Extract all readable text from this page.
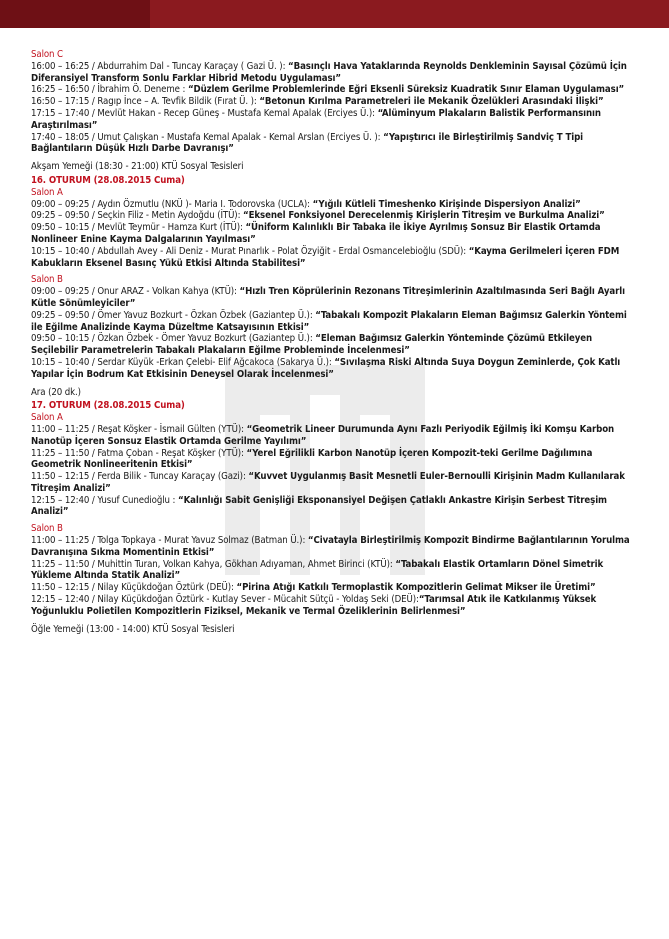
Salon C

16:00 – 16:25 / Abdurrahim Dal - Tuncay Karaçay ( Gazi Ü. ): “Basınçlı Hava Yataklarında Reynolds Denkleminin Sayısal Çözümü İçin Diferansiyel Transform Sonlu Farklar Hibrid Metodu Uygulaması”

16:25 – 16:50 / İbrahim Ö. Deneme : “Düzlem Gerilme Problemlerinde Eğri Eksenli Süreksiz Kuadratik Sınır Elaman Uygulaması”

16:50 – 17:15 / Ragıp İnce – A. Tevfik Bildik (Fırat Ü. ): “Betonun Kırılma Parametreleri ile Mekanik Özelükleri Arasındaki İlişki”

17:15 – 17:40 / Mevlüt Hakan - Recep Güneş - Mustafa Kemal Apalak (Erciyes Ü.): “Alüminyum Plakaların Balistik Performansının Araştırılması”

17:40 – 18:05 / Umut Çalışkan - Mustafa Kemal Apalak - Kemal Arslan (Erciyes Ü. ): “Yapıştırıcı ile Birleştirilmiş Sandviç T Tipi Bağlantıların Düşük Hızlı Darbe Davranışı”

Akşam Yemeği (18:30 - 21:00) KTÜ Sosyal Tesisleri
16. OTURUM (28.08.2015 Cuma)
Salon A

09:00 – 09:25 / Aydın Özmutlu (NKÜ )- Maria I. Todorovska (UCLA): “Yığılı Kütleli Timeshenko Kirişinde Dispersiyon Analizi”

09:25 – 09:50 / Seçkin Filiz - Metin Aydoğdu (İTÜ): “Eksenel Fonksiyonel Derecelenmiş Kirişlerin Titreşim ve Burkulma Analizi”

09:50 – 10:15 / Mevlüt Teymür - Hamza Kurt (İTÜ): “Üniform Kalınlıklı Bir Tabaka ile İkiye Ayrılmış Sonsuz Bir Elastik Ortamda Nonlineer Enine Kayma Dalgalarının Yayılması”

10:15 – 10:40 / Abdullah Avey - Ali Deniz - Murat Pınarlık - Polat Özyiğit - Erdal Osmancelebioğlu (SDÜ): “Kayma Gerilmeleri İçeren FDM Kabukların Eksenel Basınç Yükü Etkisi Altında Stabilitesi”

Salon B

09:00 – 09:25 / Onur ARAZ - Volkan Kahya (KTÜ): “Hızlı Tren Köprülerinin Rezonans Titreşimlerinin Azaltılmasında Seri Bağlı Ayarlı Kütle Sönümleyiciler”

09:25 – 09:50 / Ömer Yavuz Bozkurt - Özkan Özbek (Gaziantep Ü.): “Tabakalı Kompozit Plakaların Eleman Bağımsız Galerkin Yöntemi ile Eğilme Analizinde Kayma Düzeltme Katsayısının Etkisi”

09:50 – 10:15 / Özkan Özbek - Ömer Yavuz Bozkurt (Gaziantep Ü.): “Eleman Bağımsız Galerkin Yönteminde Çözümü Etkileyen Seçilebilir Parametrelerin Tabakalı Plakaların Eğilme Probleminde İncelenmesi”

10:15 – 10:40 / Serdar Küyük -Erkan Çelebi- Elif Ağcakoca (Sakarya Ü.): “Sıvılaşma Riski Altında Suya Doygun Zeminlerde, Çok Katlı Yapılar İçin Bodrum Kat Etkisinin Deneysel Olarak İncelenmesi”

Ara (20 dk.)
17. OTURUM (28.08.2015 Cuma)
Salon A

11:00 – 11:25 / Reşat Köşker - İsmail Gülten (YTÜ): “Geometrik Lineer Durumunda Aynı Fazlı Periyodik Eğilmiş İki Komşu Karbon Nanotüp İçeren Sonsuz Elastik Ortamda Gerilme Yayılımı”

11:25 – 11:50 / Fatma Çoban - Reşat Köşker (YTÜ): “Yerel Eğrilikli Karbon Nanotüp İçeren Kompozit-teki Gerilme Dağılımına Geometrik Nonlineeritenin Etkisi”

11:50 – 12:15 / Ferda Bilik - Tuncay Karaçay (Gazi): “Kuvvet Uygulanmış Basit Mesnetli Euler-Bernoulli Kirişinin Madm Kullanılarak Titreşim Analizi”

12:15 – 12:40 / Yusuf Cunedioğlu : “Kalınlığı Sabit Genişliği Eksponansiyel Değişen Çatlaklı Ankastre Kirişin Serbest Titreşim Analizi”

Salon B

11:00 – 11:25 / Tolga Topkaya - Murat Yavuz Solmaz (Batman Ü.): “Civatayla Birleştirilmiş Kompozit Bindirme Bağlantılarının Yorulma Davranışına Sıkma Momentinin Etkisi”

11:25 – 11:50 / Muhittin Turan, Volkan Kahya, Gökhan Adıyaman, Ahmet Birinci (KTÜ): “Tabakalı Elastik Ortamların Dönel Simetrik Yükleme Altında Statik Analizi”

11:50 – 12:15 / Nilay Küçükdoğan Öztürk (DEÜ): “Pirina Atığı Katkılı Termoplastik Kompozitlerin Gelimat Mikser ile Üretimi”

12:15 – 12:40 / Nilay Küçükdoğan Öztürk - Kutlay Sever - Mücahit Sütçü - Yoldaş Seki (DEÜ):“Tarımsal Atık ile Katkılanmış Yüksek Yoğunluklu Polietilen Kompozitlerin Fiziksel, Mekanik ve Termal Özeliklerinin Belirlenmesi”

Öğle Yemeği (13:00 - 14:00) KTÜ Sosyal Tesisleri
